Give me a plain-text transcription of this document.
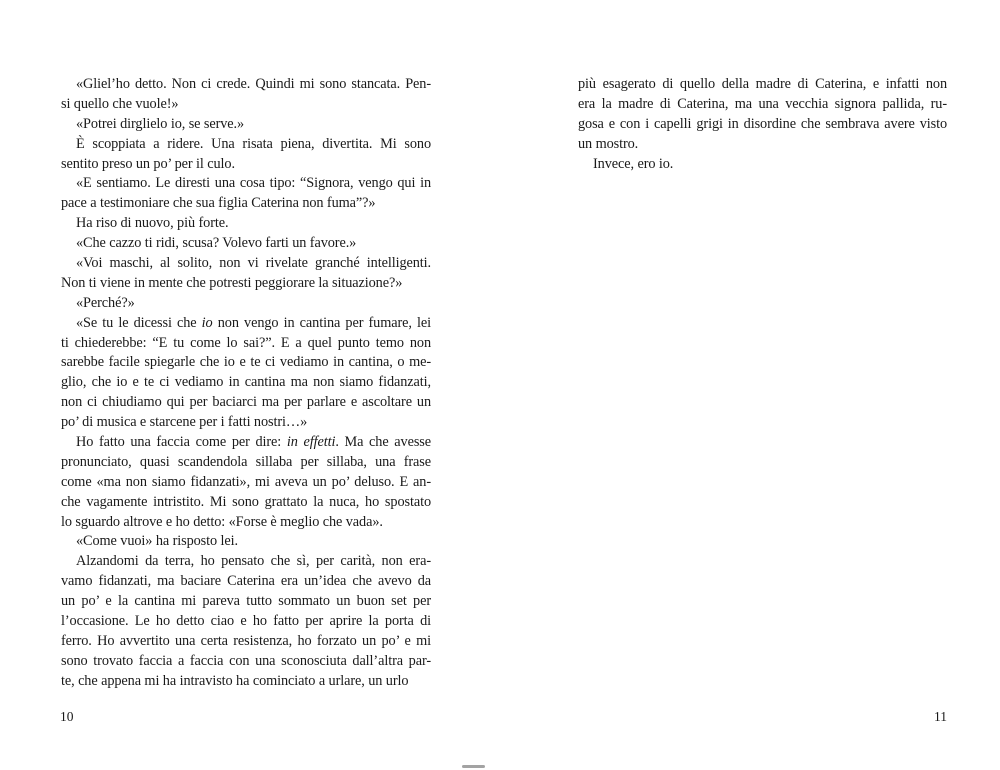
«Gliel’ho detto. Non ci crede. Quindi mi sono stancata. Pen-
si quello che vuole!»
«Potrei dirglielo io, se serve.»
È scoppiata a ridere. Una risata piena, divertita. Mi sono
sentito preso un po’ per il culo.
«E sentiamo. Le diresti una cosa tipo: “Signora, vengo qui in
pace a testimoniare che sua figlia Caterina non fuma”?»
Ha riso di nuovo, più forte.
«Che cazzo ti ridi, scusa? Volevo farti un favore.»
«Voi maschi, al solito, non vi rivelate granché intelligenti.
Non ti viene in mente che potresti peggiorare la situazione?»
«Perché?»
«Se tu le dicessi che io non vengo in cantina per fumare, lei
ti chiederebbe: “E tu come lo sai?”. E a quel punto temo non
sarebbe facile spiegarle che io e te ci vediamo in cantina, o me-
glio, che io e te ci vediamo in cantina ma non siamo fidanzati,
non ci chiudiamo qui per baciarci ma per parlare e ascoltare un
po’ di musica e starcene per i fatti nostri…»
Ho fatto una faccia come per dire: in effetti. Ma che avesse
pronunciato, quasi scandendola sillaba per sillaba, una frase
come «ma non siamo fidanzati», mi aveva un po’ deluso. E an-
che vagamente intristito. Mi sono grattato la nuca, ho spostato
lo sguardo altrove e ho detto: «Forse è meglio che vada».
«Come vuoi» ha risposto lei.
Alzandomi da terra, ho pensato che sì, per carità, non era-
vamo fidanzati, ma baciare Caterina era un’idea che avevo da
un po’ e la cantina mi pareva tutto sommato un buon set per
l’occasione. Le ho detto ciao e ho fatto per aprire la porta di
ferro. Ho avvertito una certa resistenza, ho forzato un po’ e mi
sono trovato faccia a faccia con una sconosciuta dall’altra par-
te, che appena mi ha intravisto ha cominciato a urlare, un urlo
10
più esagerato di quello della madre di Caterina, e infatti non
era la madre di Caterina, ma una vecchia signora pallida, ru-
gosa e con i capelli grigi in disordine che sembrava avere visto
un mostro.
Invece, ero io.
11
